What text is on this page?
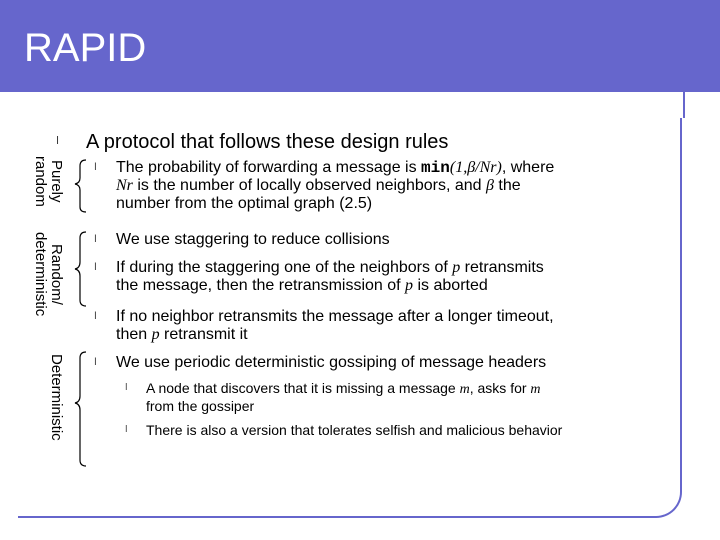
RAPID
l A protocol that follows these design rules
l The probability of forwarding a message is min(1,β/Nr), where
Nr is the number of locally observed neighbors, and β the
number from the optimal graph (2.5)
l We use staggering to reduce collisions
l If during the staggering one of the neighbors of p retransmits
the message, then the retransmission of p is aborted
l If no neighbor retransmits the message after a longer timeout,
then p retransmit it
l We use periodic deterministic gossiping of message headers
l A node that discovers that it is missing a message m, asks for m
from the gossiper
l There is also a version that tolerates selfish and malicious behavior
Purely
random
Random/
deterministic
Deterministic
